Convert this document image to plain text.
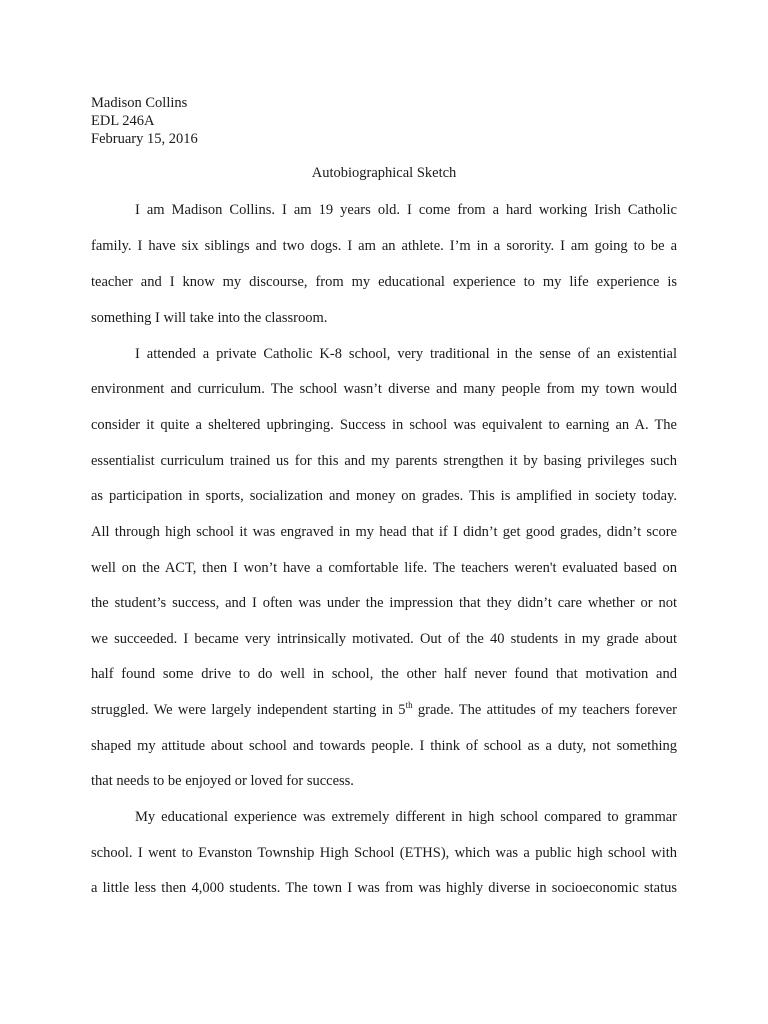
Madison Collins
EDL 246A
February 15, 2016
Autobiographical Sketch
I am Madison Collins. I am 19 years old. I come from a hard working Irish Catholic
family. I have six siblings and two dogs. I am an athlete. I’m in a sorority. I am going to be a
teacher and I know my discourse, from my educational experience to my life experience is
something I will take into the classroom.
I attended a private Catholic K-8 school, very traditional in the sense of an existential
environment and curriculum. The school wasn’t diverse and many people from my town would
consider it quite a sheltered upbringing. Success in school was equivalent to earning an A. The
essentialist curriculum trained us for this and my parents strengthen it by basing privileges such
as participation in sports, socialization and money on grades. This is amplified in society today.
All through high school it was engraved in my head that if I didn’t get good grades, didn’t score
well on the ACT, then I won’t have a comfortable life. The teachers weren't evaluated based on
the student’s success, and I often was under the impression that they didn’t care whether or not
we succeeded. I became very intrinsically motivated. Out of the 40 students in my grade about
half found some drive to do well in school, the other half never found that motivation and
struggled. We were largely independent starting in 5th grade. The attitudes of my teachers forever
shaped my attitude about school and towards people. I think of school as a duty, not something
that needs to be enjoyed or loved for success.
My educational experience was extremely different in high school compared to grammar
school. I went to Evanston Township High School (ETHS), which was a public high school with
a little less then 4,000 students. The town I was from was highly diverse in socioeconomic status
